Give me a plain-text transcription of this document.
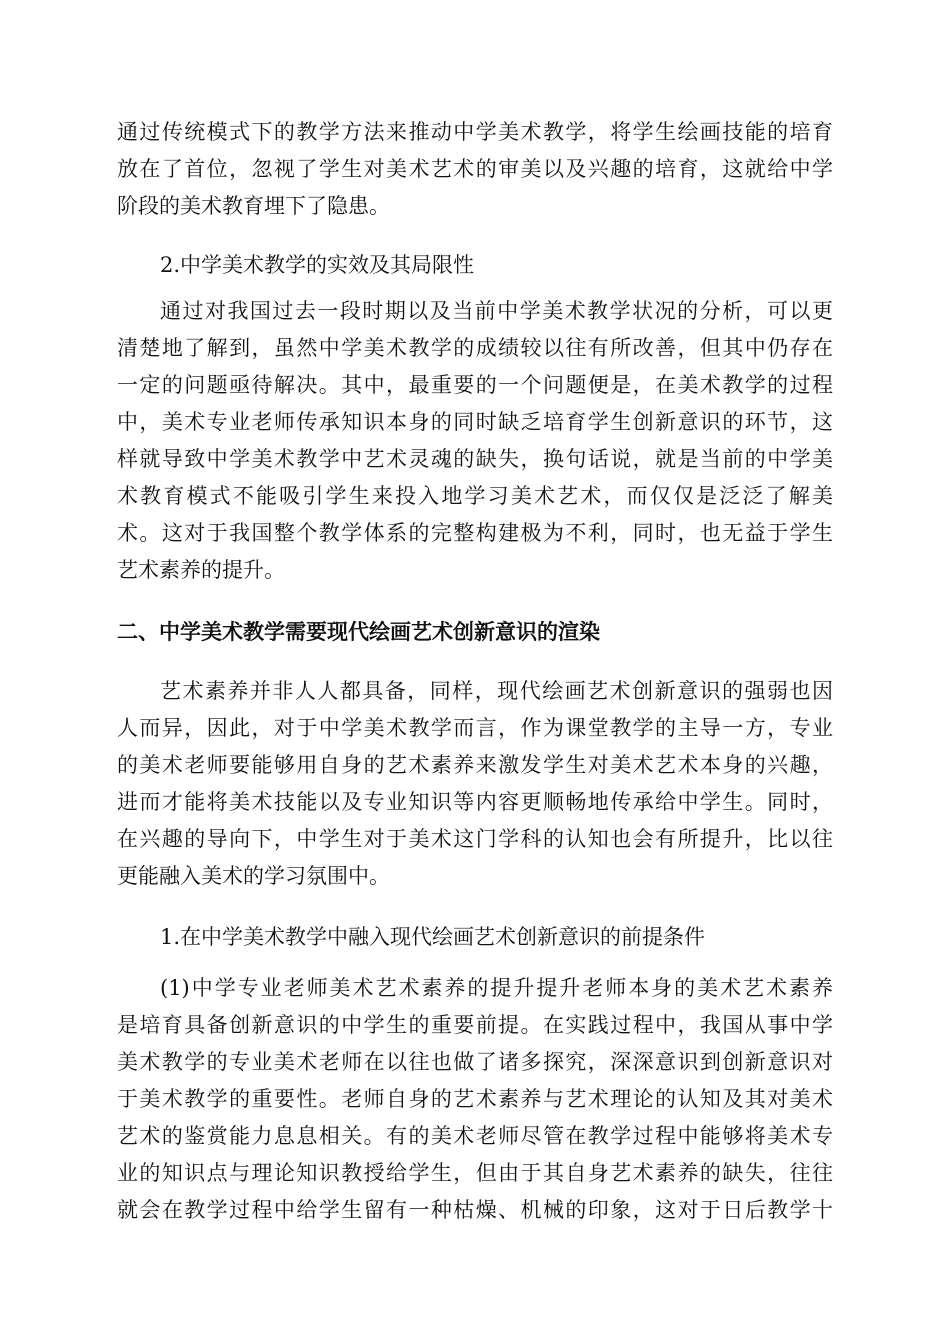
通过传统模式下的教学方法来推动中学美术教学，将学生绘画技能的培育
放在了首位，忽视了学生对美术艺术的审美以及兴趣的培育，这就给中学
阶段的美术教育埋下了隐患。
2.中学美术教学的实效及其局限性
通过对我国过去一段时期以及当前中学美术教学状况的分析，可以更
清楚地了解到，虽然中学美术教学的成绩较以往有所改善，但其中仍存在
一定的问题亟待解决。其中，最重要的一个问题便是，在美术教学的过程
中，美术专业老师传承知识本身的同时缺乏培育学生创新意识的环节，这
样就导致中学美术教学中艺术灵魂的缺失，换句话说，就是当前的中学美
术教育模式不能吸引学生来投入地学习美术艺术，而仅仅是泛泛了解美
术。这对于我国整个教学体系的完整构建极为不利，同时，也无益于学生
艺术素养的提升。
二、中学美术教学需要现代绘画艺术创新意识的渲染
艺术素养并非人人都具备，同样，现代绘画艺术创新意识的强弱也因
人而异，因此，对于中学美术教学而言，作为课堂教学的主导一方，专业
的美术老师要能够用自身的艺术素养来激发学生对美术艺术本身的兴趣，
进而才能将美术技能以及专业知识等内容更顺畅地传承给中学生。同时，
在兴趣的导向下，中学生对于美术这门学科的认知也会有所提升，比以往
更能融入美术的学习氛围中。
1.在中学美术教学中融入现代绘画艺术创新意识的前提条件
(1)中学专业老师美术艺术素养的提升提升老师本身的美术艺术素养
是培育具备创新意识的中学生的重要前提。在实践过程中，我国从事中学
美术教学的专业美术老师在以往也做了诸多探究，深深意识到创新意识对
于美术教学的重要性。老师自身的艺术素养与艺术理论的认知及其对美术
艺术的鉴赏能力息息相关。有的美术老师尽管在教学过程中能够将美术专
业的知识点与理论知识教授给学生，但由于其自身艺术素养的缺失，往往
就会在教学过程中给学生留有一种枯燥、机械的印象，这对于日后教学十
